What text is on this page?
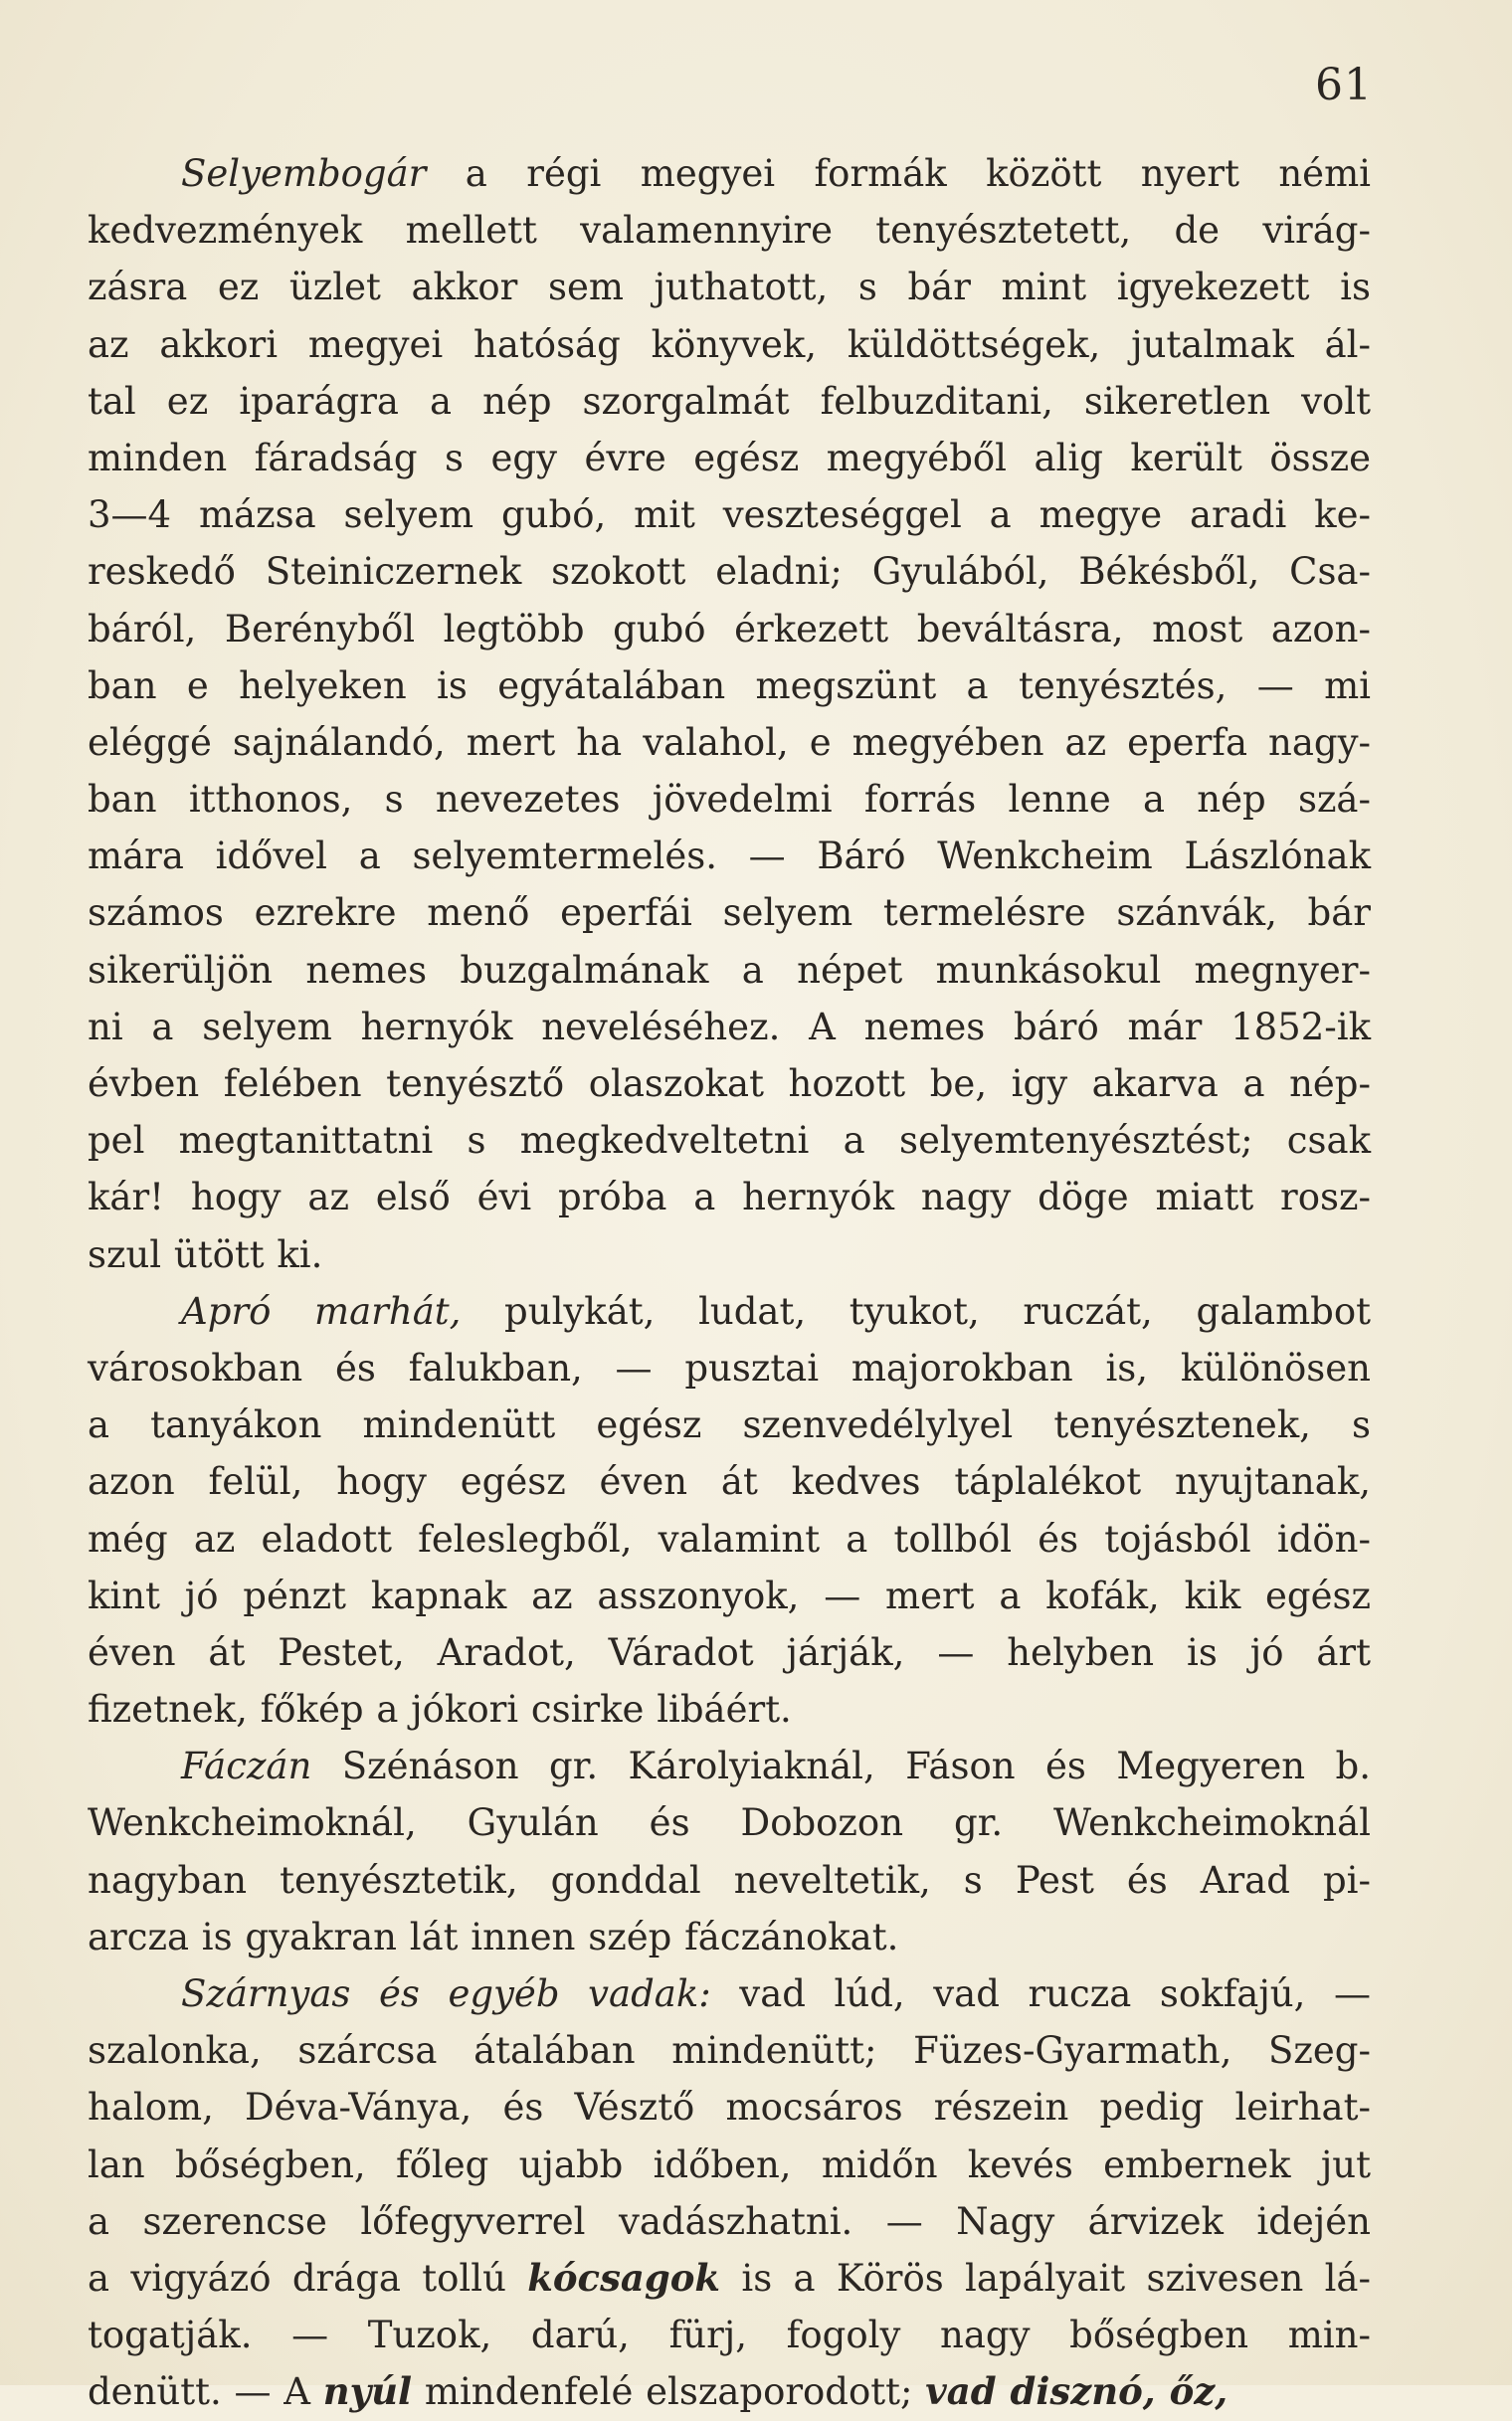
61
Selyembogár a régi megyei formák között nyert némi
kedvezmények mellett valamennyire tenyésztetett, de virág-
zásra ez üzlet akkor sem juthatott, s bár mint igyekezett is
az akkori megyei hatóság könyvek, küldöttségek, jutalmak ál-
tal ez iparágra a nép szorgalmát felbuzditani, sikeretlen volt
minden fáradság s egy évre egész megyéből alig került össze
3—4 mázsa selyem gubó, mit veszteséggel a megye aradi ke-
reskedő Steiniczernek szokott eladni; Gyulából, Békésből, Csa-
báról, Berényből legtöbb gubó érkezett beváltásra, most azon-
ban e helyeken is egyátalában megszünt a tenyésztés, — mi
eléggé sajnálandó, mert ha valahol, e megyében az eperfa nagy-
ban itthonos, s nevezetes jövedelmi forrás lenne a nép szá-
mára idővel a selyemtermelés. — Báró Wenkcheim Lászlónak
számos ezrekre menő eperfái selyem termelésre szánvák, bár
sikerüljön nemes buzgalmának a népet munkásokul megnyer-
ni a selyem hernyók neveléséhez. A nemes báró már 1852-ik
évben felében tenyésztő olaszokat hozott be, igy akarva a nép-
pel megtanittatni s megkedveltetni a selyemtenyésztést; csak
kár! hogy az első évi próba a hernyók nagy döge miatt rosz-
szul ütött ki.
Apró marhát, pulykát, ludat, tyukot, ruczát, galambot
városokban és falukban, — pusztai majorokban is, különösen
a tanyákon mindenütt egész szenvedélylyel tenyésztenek, s
azon felül, hogy egész éven át kedves táplalékot nyujtanak,
még az eladott feleslegből, valamint a tollból és tojásból idön-
kint jó pénzt kapnak az asszonyok, — mert a kofák, kik egész
éven át Pestet, Aradot, Váradot járják, — helyben is jó árt
fizetnek, főkép a jókori csirke libáért.
Fáczán Szénáson gr. Károlyiaknál, Fáson és Megyeren b.
Wenkcheimoknál, Gyulán és Dobozon gr. Wenkcheimoknál
nagyban tenyésztetik, gonddal neveltetik, s Pest és Arad pi-
arcza is gyakran lát innen szép fáczánokat.
Szárnyas és egyéb vadak: vad lúd, vad rucza sokfajú, —
szalonka, szárcsa átalában mindenütt; Füzes-Gyarmath, Szeg-
halom, Déva-Ványa, és Vésztő mocsáros részein pedig leirhat-
lan bőségben, főleg ujabb időben, midőn kevés embernek jut
a szerencse lőfegyverrel vadászhatni. — Nagy árvizek idején
a vigyázó drága tollú kócsagok is a Körös lapályait szivesen lá-
togatják. — Tuzok, darú, fürj, fogoly nagy bőségben min-
denütt. — A nyúl mindenfelé elszaporodott; vad disznó, őz,
